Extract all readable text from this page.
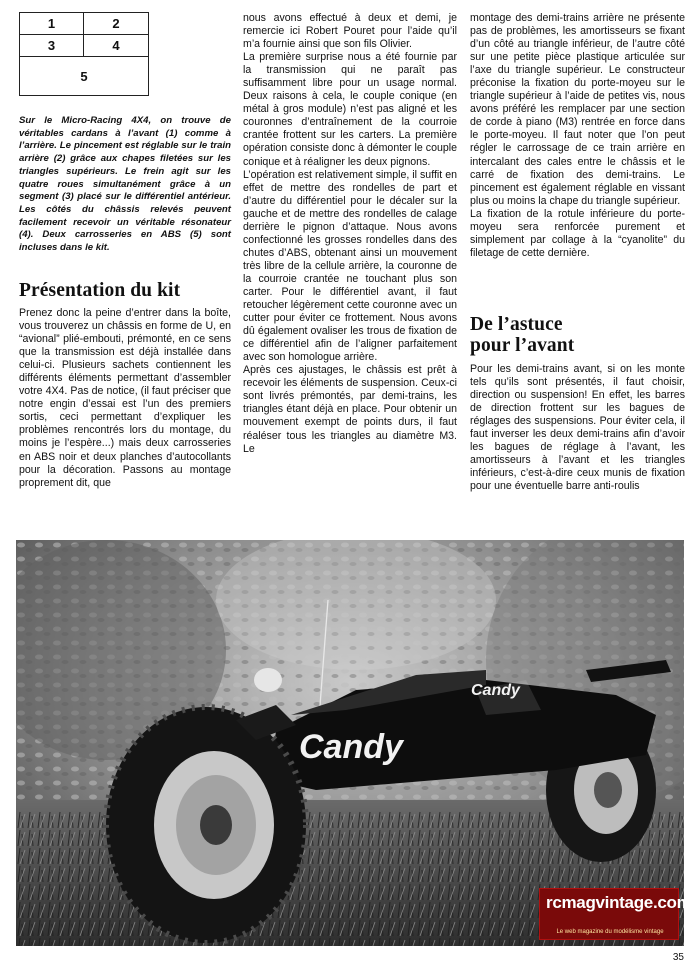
1	2
3	4
5

Sur le Micro-Racing 4X4, on trouve de véritables cardans à l’avant (1) comme à l’arrière. Le pincement est réglable sur le train arrière (2) grâce aux chapes filetées sur les triangles supérieurs. Le frein agit sur les quatre roues simultanément grâce à un segment (3) placé sur le différentiel antérieur. Les côtés du châssis relevés peuvent facilement recevoir un véritable résonateur (4). Deux carrosseries en ABS (5) sont incluses dans le kit.

Présentation du kit

Prenez donc la peine d’entrer dans la boîte, vous trouverez un châssis en forme de U, en “avional” plié-embouti, prémonté, en ce sens que la transmission est déjà installée dans celui-ci. Plusieurs sachets contiennent les différents éléments permettant d’assembler votre 4X4. Pas de notice, (il faut préciser que notre engin d’essai est l’un des premiers sortis, ceci permettant d’expliquer les problèmes rencontrés lors du montage, du moins je l’espère...) mais deux carrosseries en ABS noir et deux planches d’autocollants pour la décoration. Passons au montage proprement dit, que

nous avons effectué à deux et demi, je remercie ici Robert Pouret pour l’aide qu’il m’a fournie ainsi que son fils Olivier.

La première surprise nous a été fournie par la transmission qui ne paraît pas suffisamment libre pour un usage normal. Deux raisons à cela, le couple conique (en métal à gros module) n’est pas aligné et les couronnes d’entraînement de la courroie crantée frottent sur les carters. La première opération consiste donc à démonter le couple conique et à réaligner les deux pignons.

L’opération est relativement simple, il suffit en effet de mettre des rondelles de part et d’autre du différentiel pour le décaler sur la gauche et de mettre des rondelles de calage derrière le pignon d’attaque. Nous avons confectionné les grosses rondelles dans des chutes d’ABS, obtenant ainsi un mouvement très libre de la cellule arrière, la couronne de la courroie crantée ne touchant plus son carter. Pour le différentiel avant, il faut retoucher légèrement cette couronne avec un cutter pour éviter ce frottement. Nous avons dû également ovaliser les trous de fixation de ce différentiel afin de l’aligner parfaitement avec son homologue arrière.

Après ces ajustages, le châssis est prêt à recevoir les éléments de suspension. Ceux-ci sont livrés prémontés, par demi-trains, les triangles étant déjà en place. Pour obtenir un mouvement exempt de points durs, il faut réaléser tous les triangles au diamètre M3. Le

montage des demi-trains arrière ne présente pas de problèmes, les amortisseurs se fixant d’un côté au triangle inférieur, de l’autre côté sur une petite pièce plastique articulée sur l’axe du triangle supérieur. Le constructeur préconise la fixation du porte-moyeu sur le triangle supérieur à l’aide de petites vis, nous avons préféré les remplacer par une section de corde à piano (M3) rentrée en force dans le porte-moyeu. Il faut noter que l’on peut régler le carrossage de ce train arrière en intercalant des cales entre le châssis et le carré de fixation des demi-trains. Le pincement est également réglable en vissant plus ou moins la chape du triangle supérieur.

La fixation de la rotule inférieure du porte-moyeu sera renforcée purement et simplement par collage à la “cyanolite” du filetage de cette dernière.

De l’astuce
pour l’avant

Pour les demi-trains avant, si on les monte tels qu’ils sont présentés, il faut choisir, direction ou suspension! En effet, les barres de direction frottent sur les bagues de réglages des suspensions. Pour éviter cela, il faut inverser les deux demi-trains afin d’avoir les bagues de réglage à l’avant, les amortisseurs à l’avant et les triangles inférieurs, c’est-à-dire ceux munis de fixation pour une éventuelle barre anti-roulis

Candy
Candy
rcmagvintage.com
Le web magazine du modélisme vintage
35
